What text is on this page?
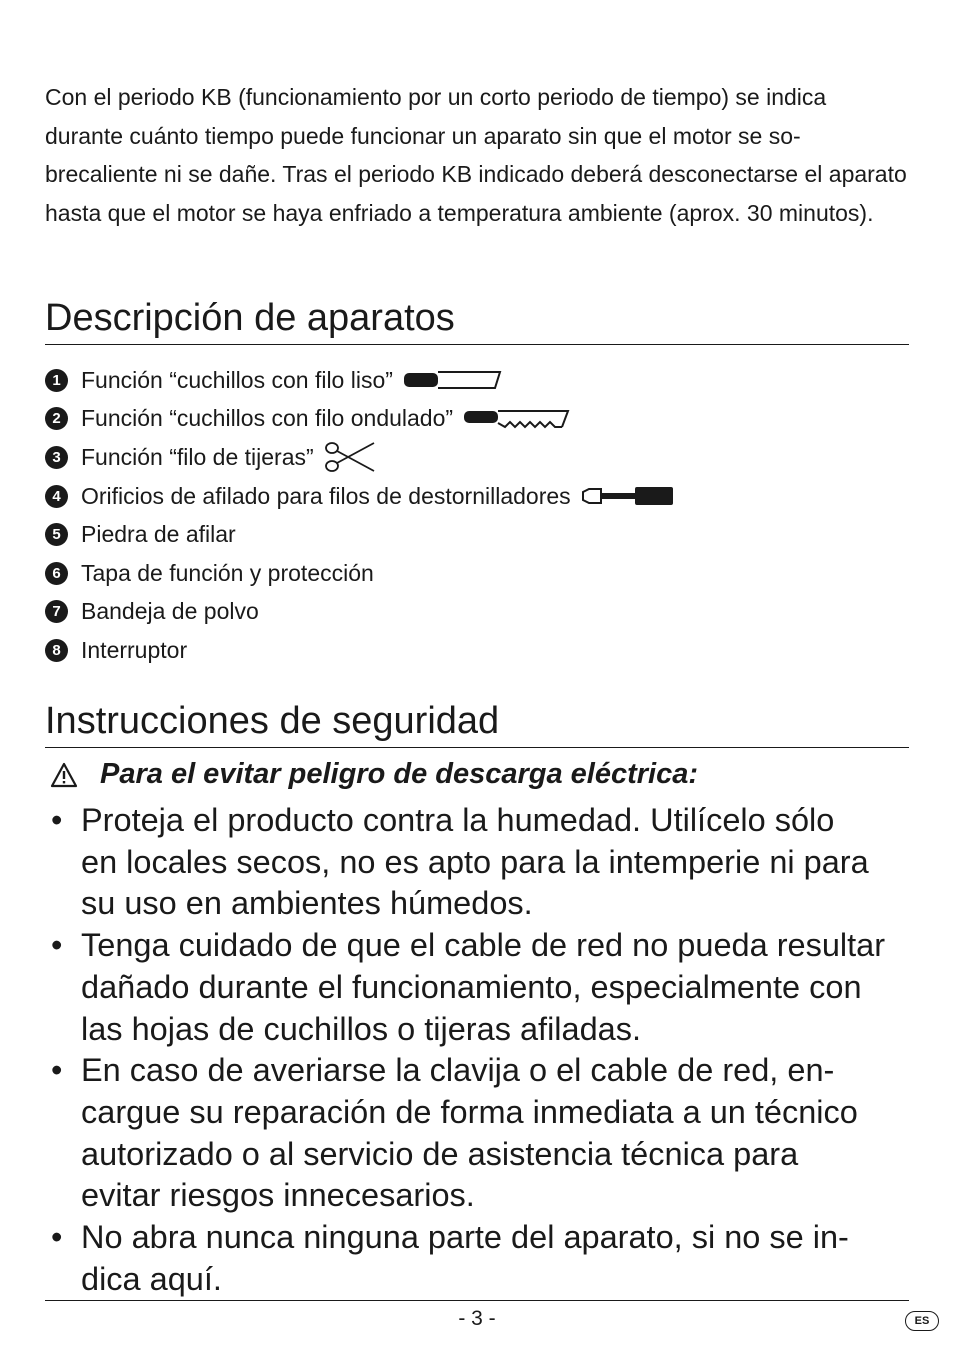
Con el periodo KB (funcionamiento por un corto periodo de tiempo) se indica durante cuánto tiempo puede funcionar un aparato sin que el motor se so-brecaliente ni se dañe. Tras el periodo KB indicado deberá desconectarse el aparato hasta que el motor se haya enfriado a temperatura ambiente (aprox. 30 minutos).

Descripción de aparatos
1 Función “cuchillos con filo liso”
2 Función “cuchillos con filo ondulado”
3 Función “filo de tijeras”
4 Orificios de afilado para filos de destornilladores
5 Piedra de afilar
6 Tapa de función y protección
7 Bandeja de polvo
8 Interruptor
Instrucciones de seguridad
Para el evitar peligro de descarga eléctrica:
• Proteja el producto contra la humedad. Utilícelo sólo
en locales secos, no es apto para la intemperie ni para
su uso en ambientes húmedos.
• Tenga cuidado de que el cable de red no pueda resultar
dañado durante el funcionamiento, especialmente con
las hojas de cuchillos o tijeras afiladas.
• En caso de averiarse la clavija o el cable de red, en-
cargue su reparación de forma inmediata a un técnico
autorizado o al servicio de asistencia técnica para
evitar riesgos innecesarios.
• No abra nunca ninguna parte del aparato, si no se in-
dica aquí.
- 3 -	ES
